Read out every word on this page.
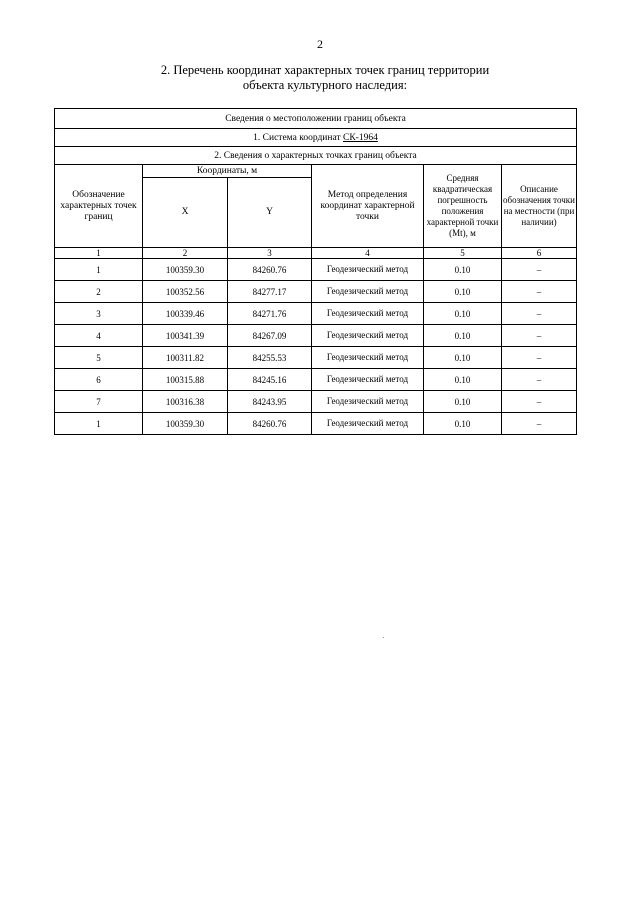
2
2. Перечень координат характерных точек границ территории
объекта культурного наследия:
Сведения о местоположении границ объекта					
1. Система координат СК-1964					
2. Сведения о характерных точках границ объекта					
Обозначение характерных точек границ	Координаты, м		Метод определения координат характерной точки	Средняя квадратическая погрешность положения характерной точки (Mt), м	Описание обозначения точки на местности (при наличии)
	X	Y			
1	2	3	4	5	6
1	100359.30	84260.76	Геодезический метод	0.10	–
2	100352.56	84277.17	Геодезический метод	0.10	–
3	100339.46	84271.76	Геодезический метод	0.10	–
4	100341.39	84267.09	Геодезический метод	0.10	–
5	100311.82	84255.53	Геодезический метод	0.10	–
6	100315.88	84245.16	Геодезический метод	0.10	–
7	100316.38	84243.95	Геодезический метод	0.10	–
1	100359.30	84260.76	Геодезический метод	0.10	–
